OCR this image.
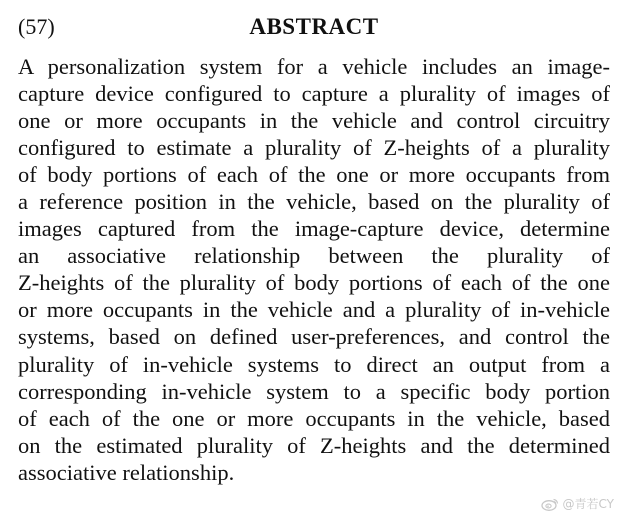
(57)	ABSTRACT
A personalization system for a vehicle includes an image-
capture device configured to capture a plurality of images of
one or more occupants in the vehicle and control circuitry
configured to estimate a plurality of Z-heights of a plurality
of body portions of each of the one or more occupants from
a reference position in the vehicle, based on the plurality of
images captured from the image-capture device, determine
an associative relationship between the plurality of
Z-heights of the plurality of body portions of each of the one
or more occupants in the vehicle and a plurality of in-vehicle
systems, based on defined user-preferences, and control the
plurality of in-vehicle systems to direct an output from a
corresponding in-vehicle system to a specific body portion
of each of the one or more occupants in the vehicle, based
on the estimated plurality of Z-heights and the determined
associative relationship.
@青若CY
